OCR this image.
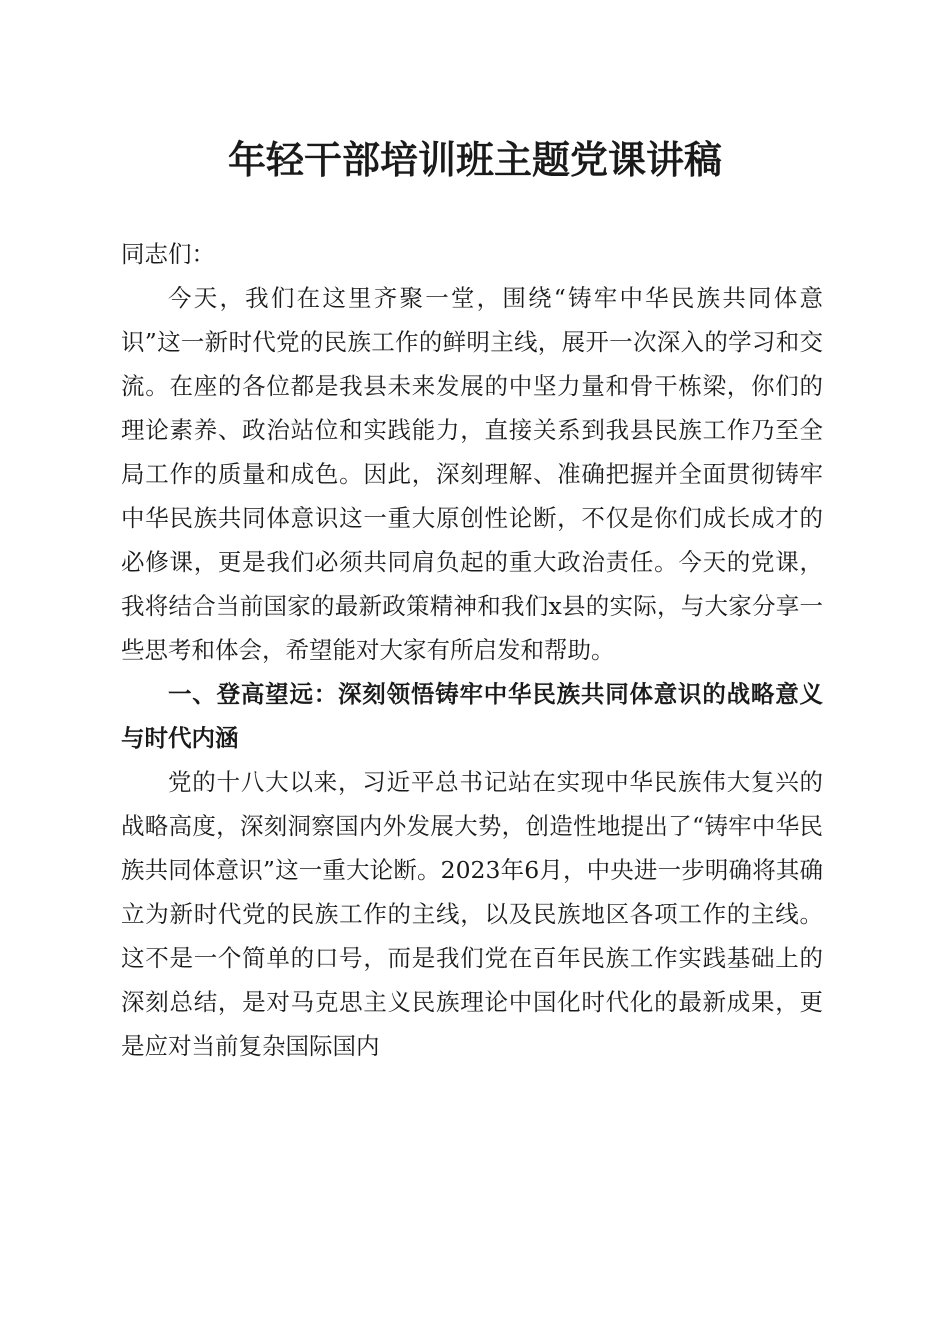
年轻干部培训班主题党课讲稿

同志们：

今天，我们在这里齐聚一堂，围绕“铸牢中华民族共同体意识”这一新时代党的民族工作的鲜明主线，展开一次深入的学习和交流。在座的各位都是我县未来发展的中坚力量和骨干栋梁，你们的理论素养、政治站位和实践能力，直接关系到我县民族工作乃至全局工作的质量和成色。因此，深刻理解、准确把握并全面贯彻铸牢中华民族共同体意识这一重大原创性论断，不仅是你们成长成才的必修课，更是我们必须共同肩负起的重大政治责任。今天的党课，我将结合当前国家的最新政策精神和我们x县的实际，与大家分享一些思考和体会，希望能对大家有所启发和帮助。

一、登高望远：深刻领悟铸牢中华民族共同体意识的战略意义与时代内涵

党的十八大以来，习近平总书记站在实现中华民族伟大复兴的战略高度，深刻洞察国内外发展大势，创造性地提出了“铸牢中华民族共同体意识”这一重大论断。2023年6月，中央进一步明确将其确立为新时代党的民族工作的主线，以及民族地区各项工作的主线。这不是一个简单的口号，而是我们党在百年民族工作实践基础上的深刻总结，是对马克思主义民族理论中国化时代化的最新成果，更是应对当前复杂国际国内
